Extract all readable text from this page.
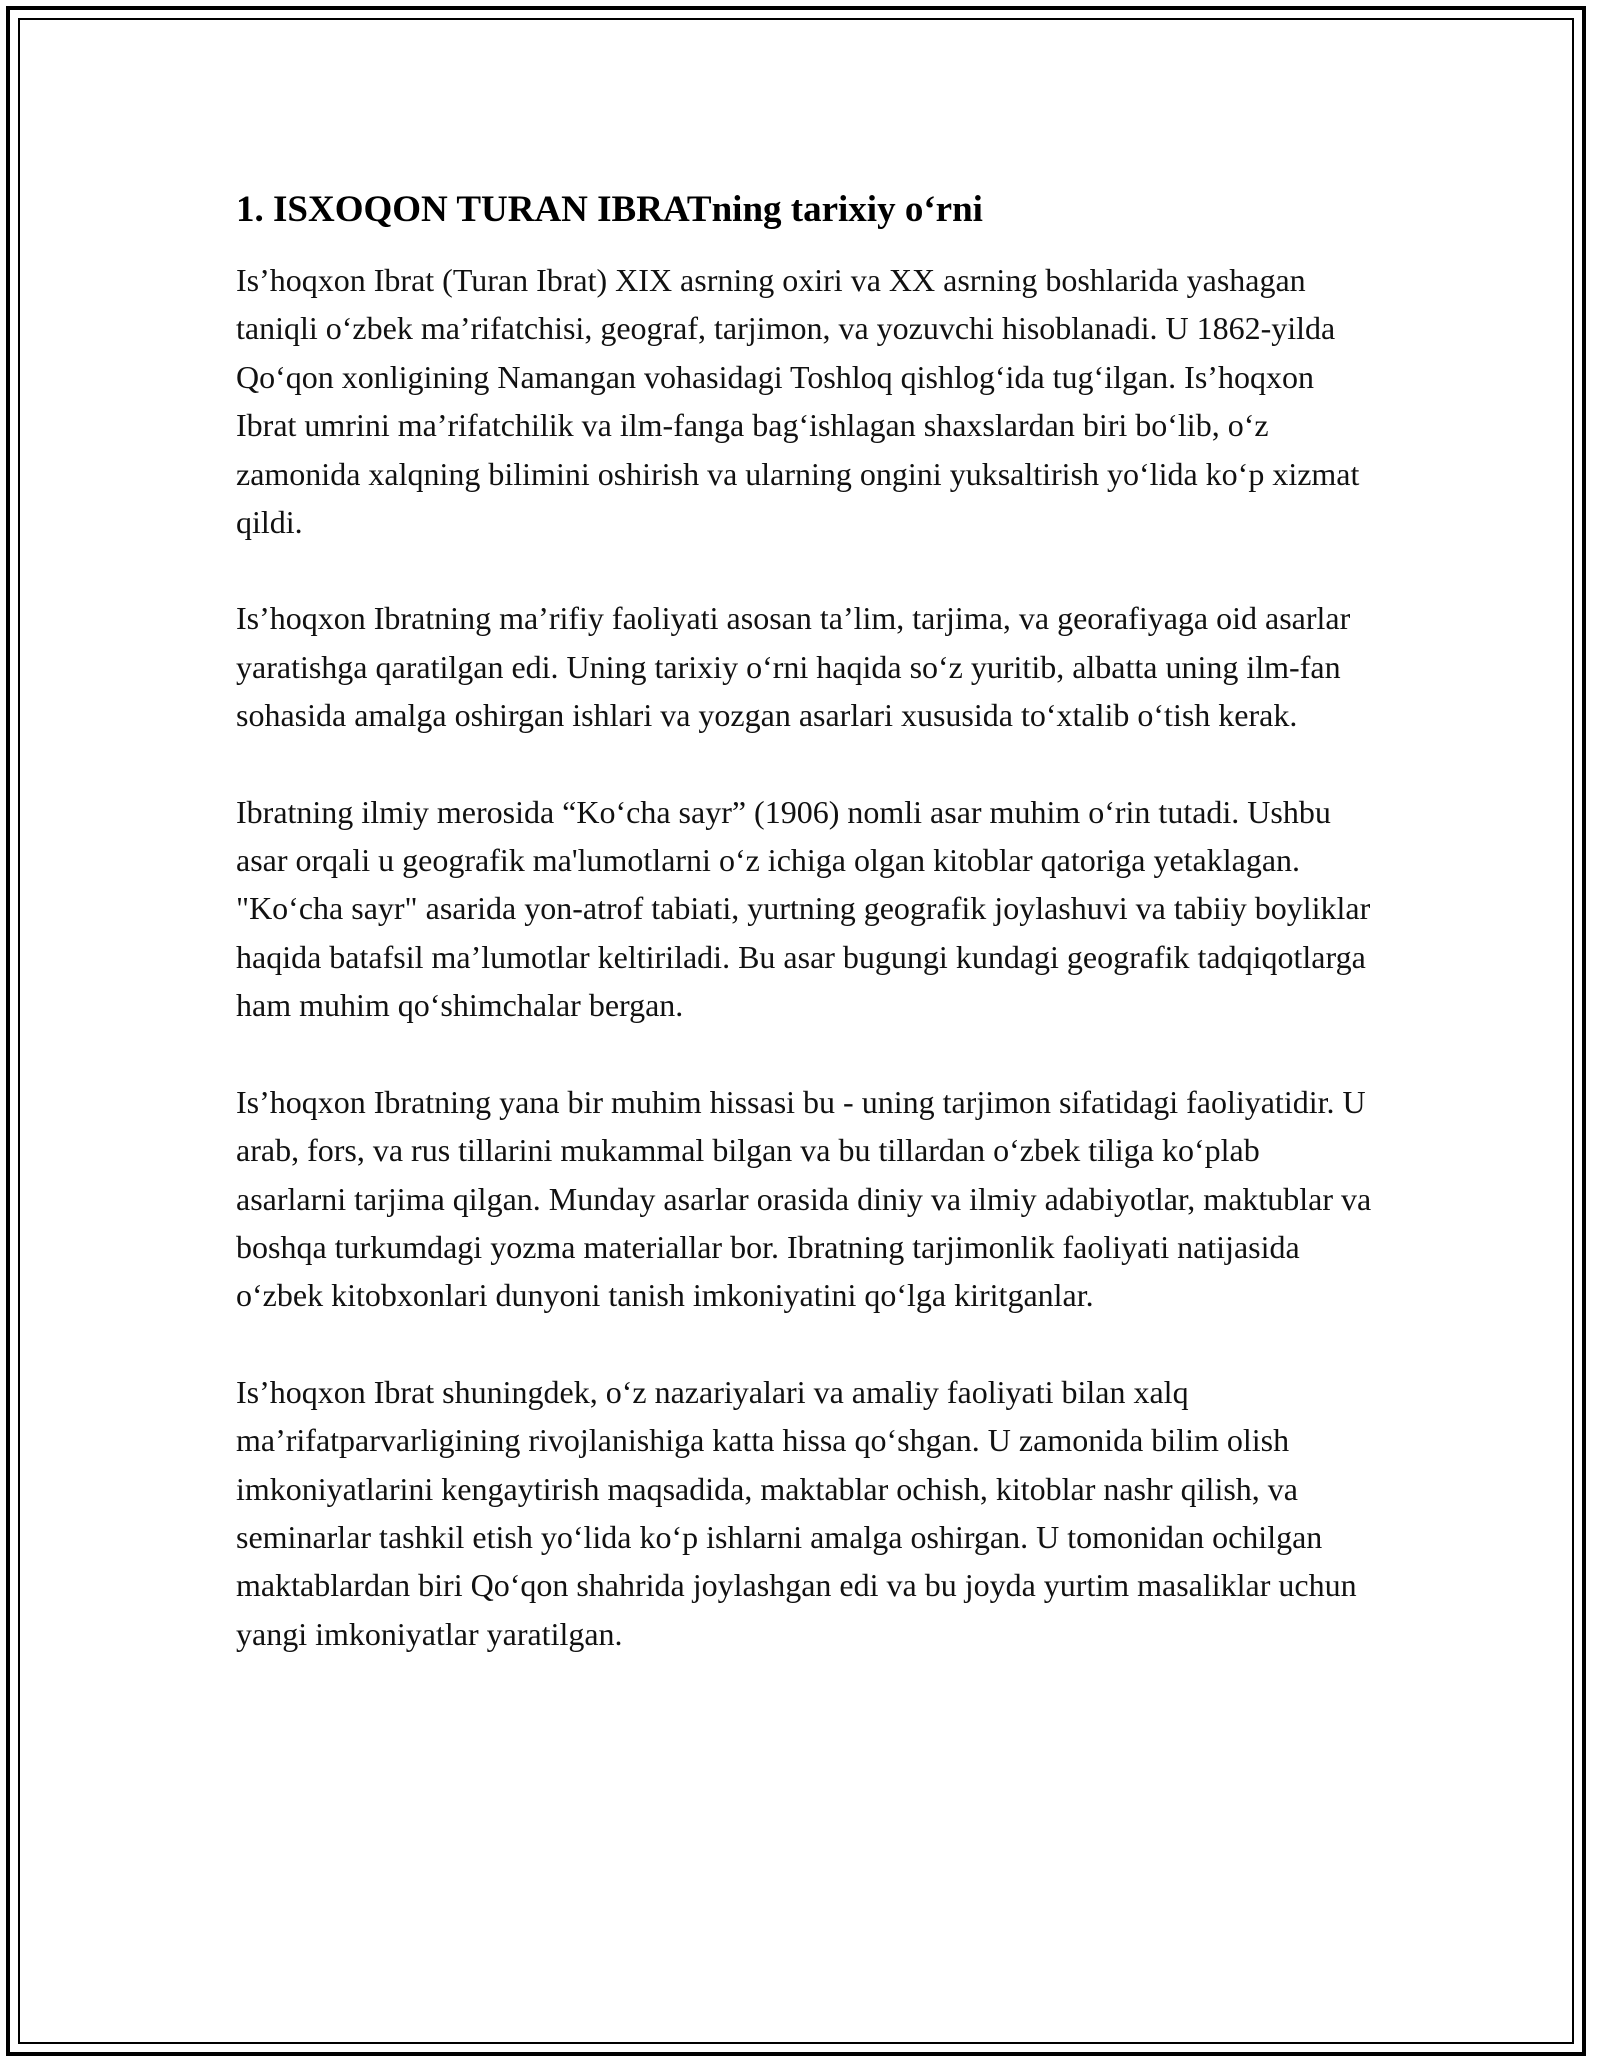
1. ISXOQON TURAN IBRATning tarixiy o‘rni

Is’hoqxon Ibrat (Turan Ibrat) XIX asrning oxiri va XX asrning boshlarida yashagan taniqli o‘zbek ma’rifatchisi, geograf, tarjimon, va yozuvchi hisoblanadi. U 1862-yilda Qo‘qon xonligining Namangan vohasidagi Toshloq qishlog‘ida tug‘ilgan. Is’hoqxon Ibrat umrini ma’rifatchilik va ilm-fanga bag‘ishlagan shaxslardan biri bo‘lib, o‘z zamonida xalqning bilimini oshirish va ularning ongini yuksaltirish yo‘lida ko‘p xizmat qildi.

Is’hoqxon Ibratning ma’rifiy faoliyati asosan ta’lim, tarjima, va georafiyaga oid asarlar yaratishga qaratilgan edi. Uning tarixiy o‘rni haqida so‘z yuritib, albatta uning ilm-fan sohasida amalga oshirgan ishlari va yozgan asarlari xususida to‘xtalib o‘tish kerak.

Ibratning ilmiy merosida “Ko‘cha sayr” (1906) nomli asar muhim o‘rin tutadi. Ushbu asar orqali u geografik ma'lumotlarni o‘z ichiga olgan kitoblar qatoriga yetaklagan. "Ko‘cha sayr" asarida yon-atrof tabiati, yurtning geografik joylashuvi va tabiiy boyliklar haqida batafsil ma’lumotlar keltiriladi. Bu asar bugungi kundagi geografik tadqiqotlarga ham muhim qo‘shimchalar bergan.

Is’hoqxon Ibratning yana bir muhim hissasi bu - uning tarjimon sifatidagi faoliyatidir. U arab, fors, va rus tillarini mukammal bilgan va bu tillardan o‘zbek tiliga ko‘plab asarlarni tarjima qilgan. Munday asarlar orasida diniy va ilmiy adabiyotlar, maktublar va boshqa turkumdagi yozma materiallar bor. Ibratning tarjimonlik faoliyati natijasida o‘zbek kitobxonlari dunyoni tanish imkoniyatini qo‘lga kiritganlar.

Is’hoqxon Ibrat shuningdek, o‘z nazariyalari va amaliy faoliyati bilan xalq ma’rifatparvarligining rivojlanishiga katta hissa qo‘shgan. U zamonida bilim olish imkoniyatlarini kengaytirish maqsadida, maktablar ochish, kitoblar nashr qilish, va seminarlar tashkil etish yo‘lida ko‘p ishlarni amalga oshirgan. U tomonidan ochilgan maktablardan biri Qo‘qon shahrida joylashgan edi va bu joyda yurtim masaliklar uchun yangi imkoniyatlar yaratilgan.
